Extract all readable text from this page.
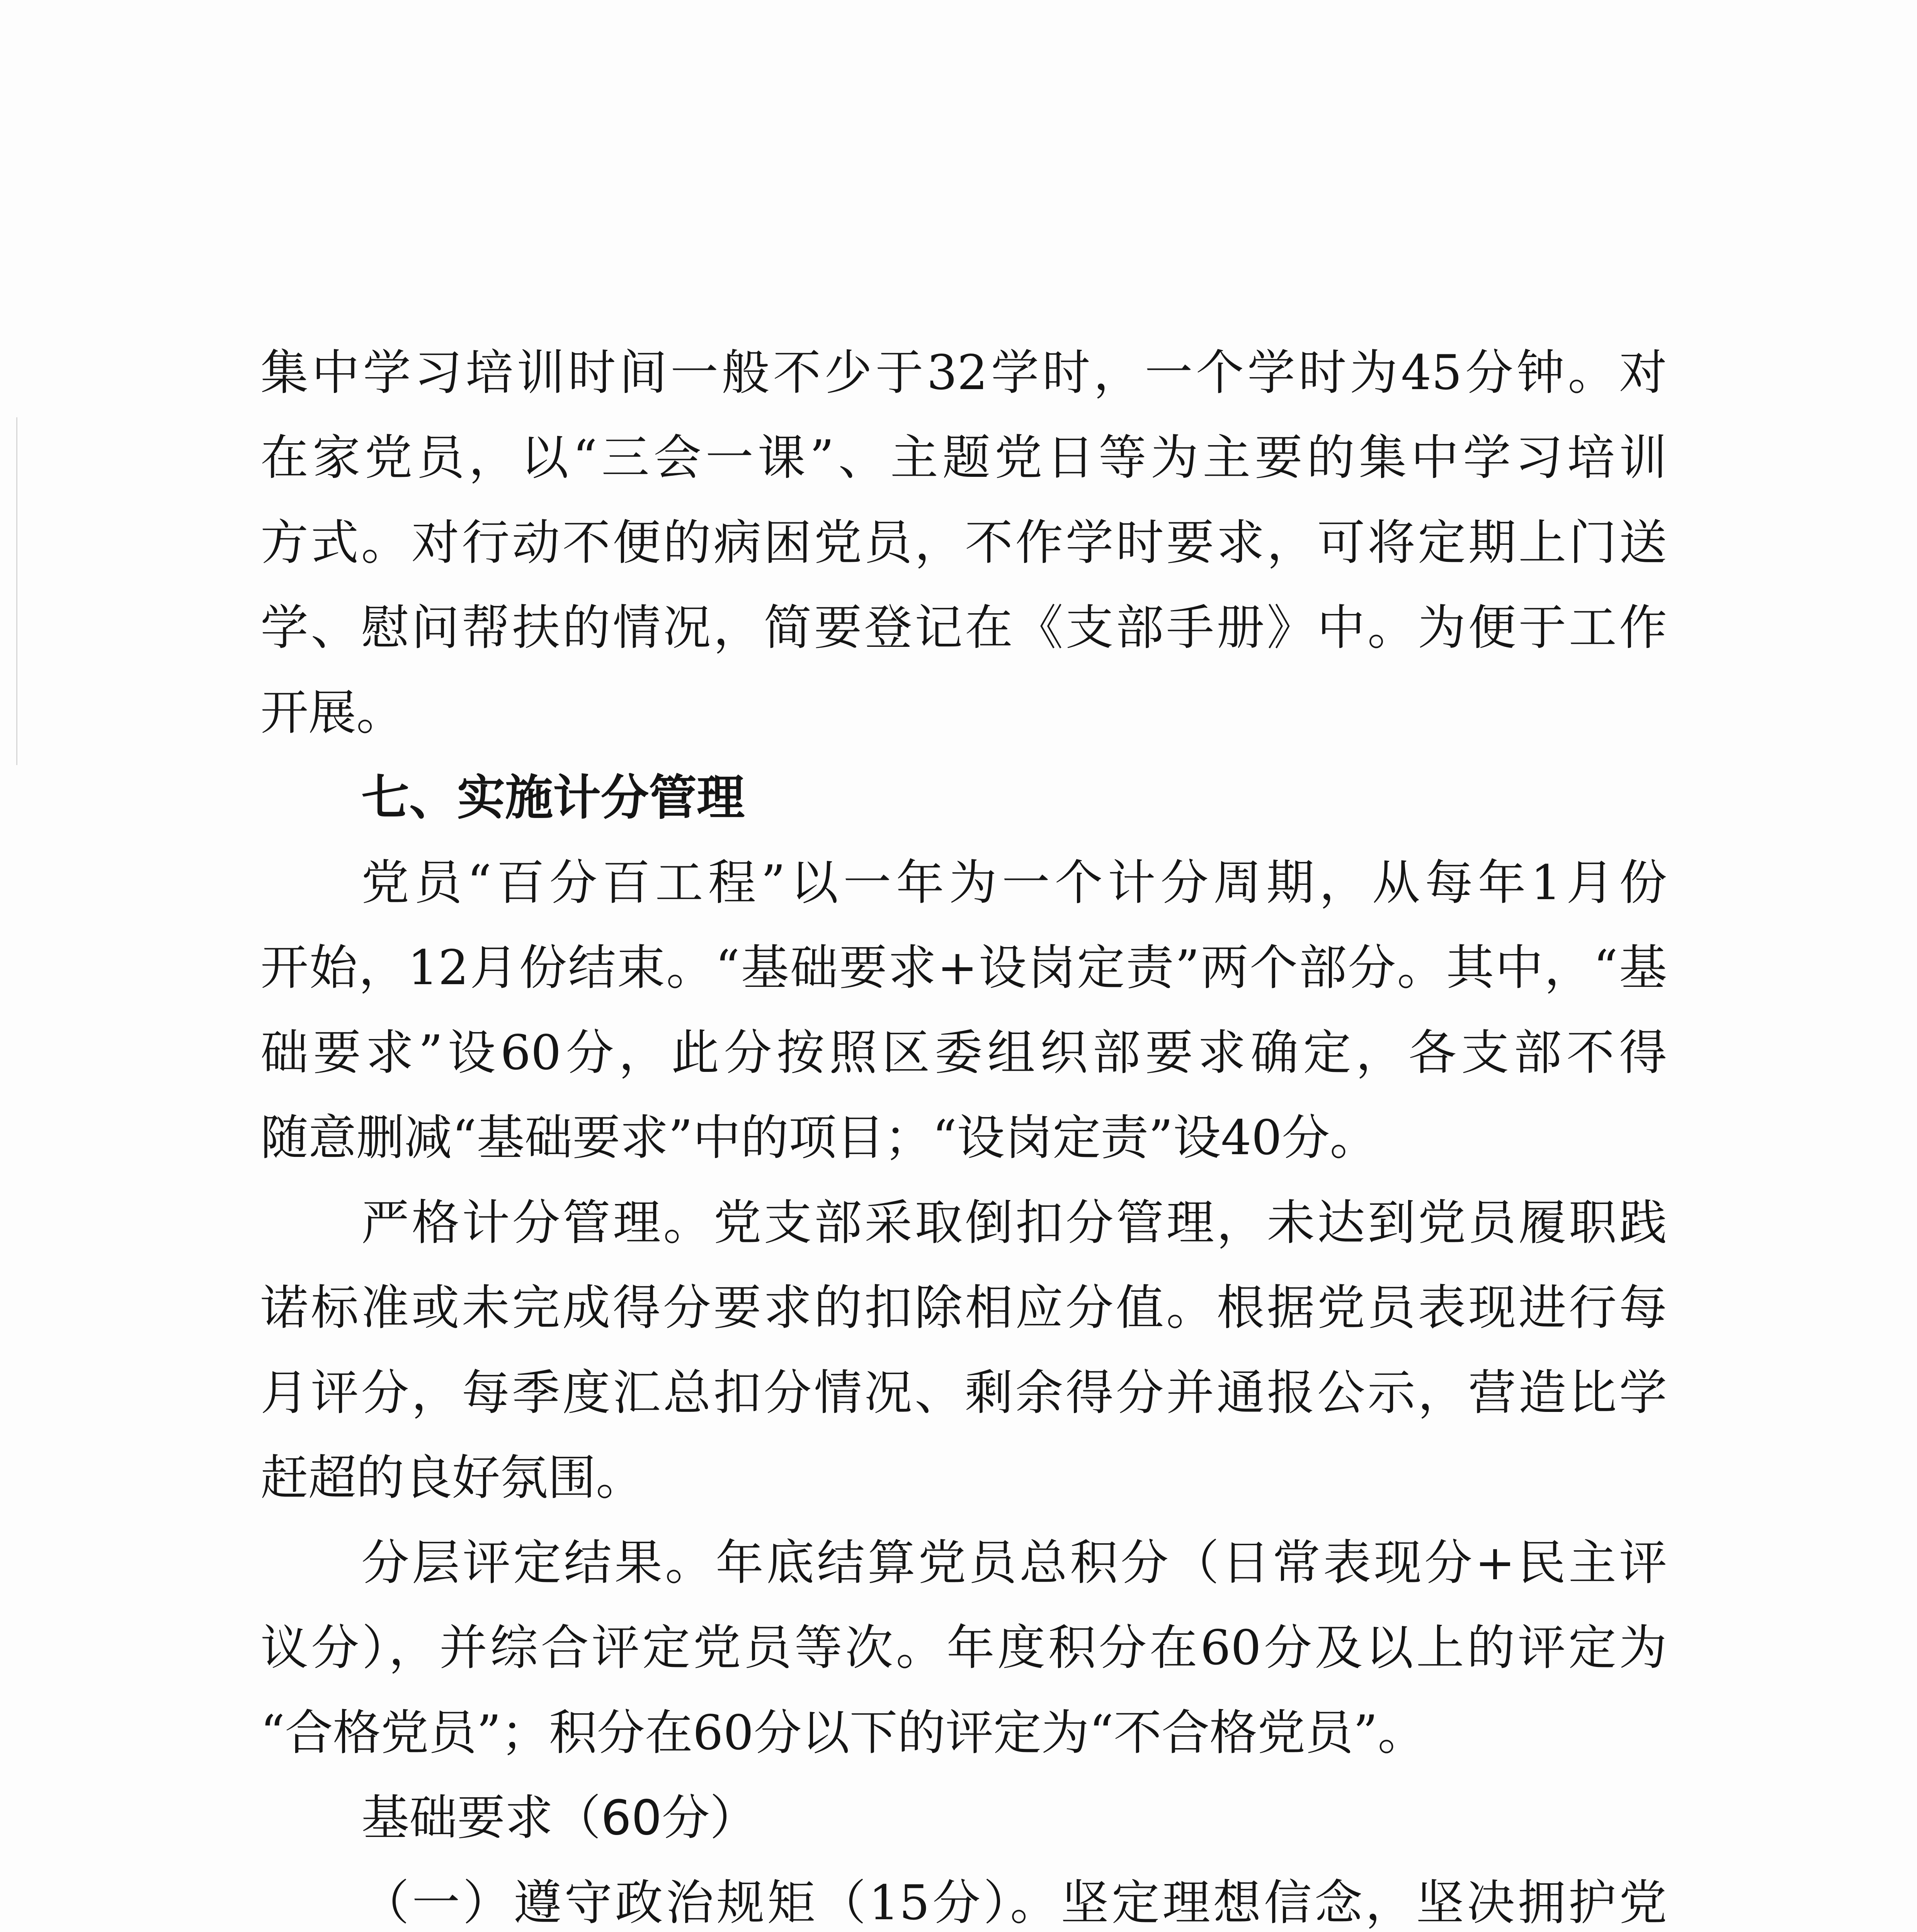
集中学习培训时间一般不少于32学时，一个学时为45分钟。对
在家党员，以“三会一课”、主题党日等为主要的集中学习培训
方式。对行动不便的病困党员，不作学时要求，可将定期上门送
学、慰问帮扶的情况，简要登记在《支部手册》中。为便于工作
开展。
七、实施计分管理
党员“百分百工程”以一年为一个计分周期，从每年1月份
开始，12月份结束。“基础要求+设岗定责”两个部分。其中，“基
础要求”设60分，此分按照区委组织部要求确定，各支部不得
随意删减“基础要求”中的项目；“设岗定责”设40分。
严格计分管理。党支部采取倒扣分管理，未达到党员履职践
诺标准或未完成得分要求的扣除相应分值。根据党员表现进行每
月评分，每季度汇总扣分情况、剩余得分并通报公示，营造比学
赶超的良好氛围。
分层评定结果。年底结算党员总积分（日常表现分+民主评
议分），并综合评定党员等次。年度积分在60分及以上的评定为
“合格党员”；积分在60分以下的评定为“不合格党员”。
基础要求（60分）
（一）遵守政治规矩（15分）。坚定理想信念，坚决拥护党
